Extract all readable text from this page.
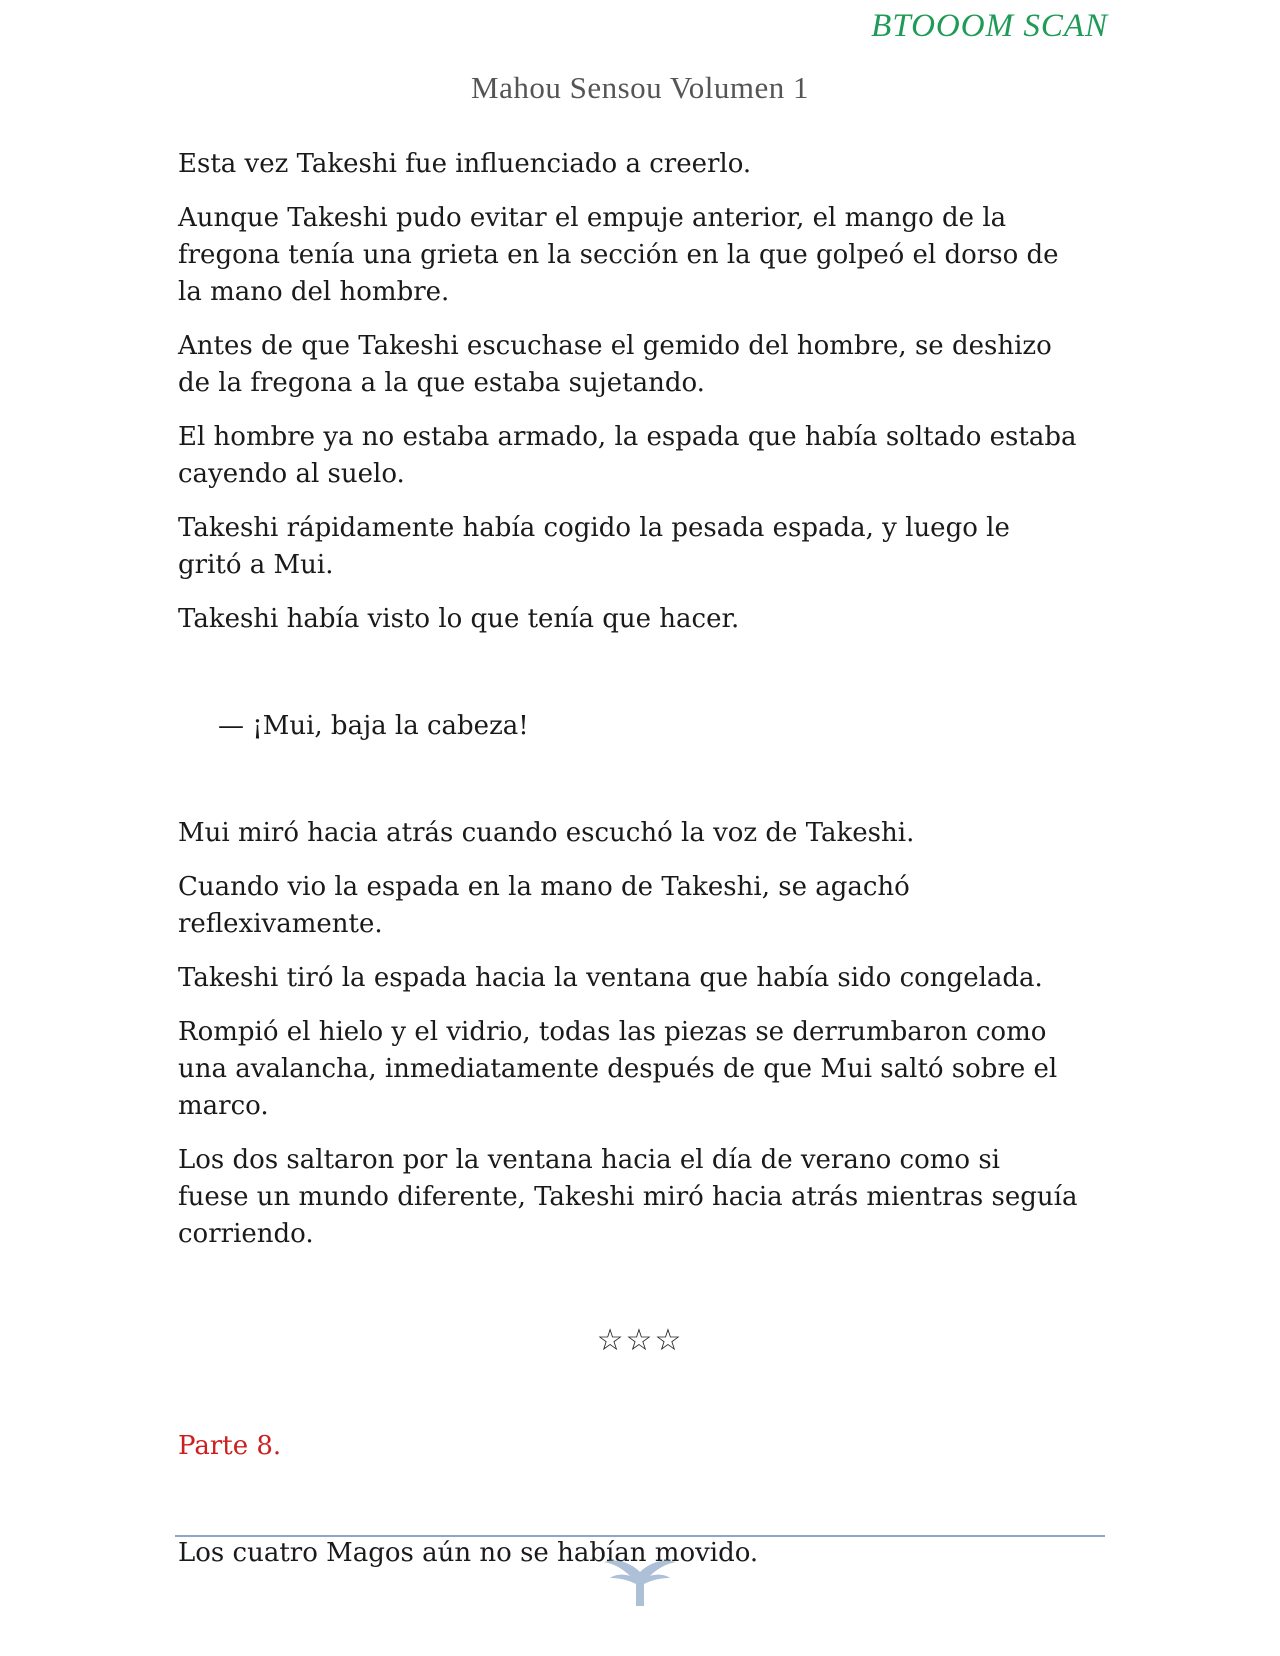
BTOOOM SCAN
Mahou Sensou Volumen 1

Esta vez Takeshi fue influenciado a creerlo.

Aunque Takeshi pudo evitar el empuje anterior, el mango de la fregona tenía una grieta en la sección en la que golpeó el dorso de la mano del hombre.

Antes de que Takeshi escuchase el gemido del hombre, se deshizo de la fregona a la que estaba sujetando.

El hombre ya no estaba armado, la espada que había soltado estaba cayendo al suelo.

Takeshi rápidamente había cogido la pesada espada, y luego le gritó a Mui.

Takeshi había visto lo que tenía que hacer.

— ¡Mui, baja la cabeza!

Mui miró hacia atrás cuando escuchó la voz de Takeshi.

Cuando vio la espada en la mano de Takeshi, se agachó reflexivamente.

Takeshi tiró la espada hacia la ventana que había sido congelada.

Rompió el hielo y el vidrio, todas las piezas se derrumbaron como una avalancha, inmediatamente después de que Mui saltó sobre el marco.

Los dos saltaron por la ventana hacia el día de verano como si fuese un mundo diferente, Takeshi miró hacia atrás mientras seguía corriendo.

☆☆☆

Parte 8.

Los cuatro Magos aún no se habían movido.
